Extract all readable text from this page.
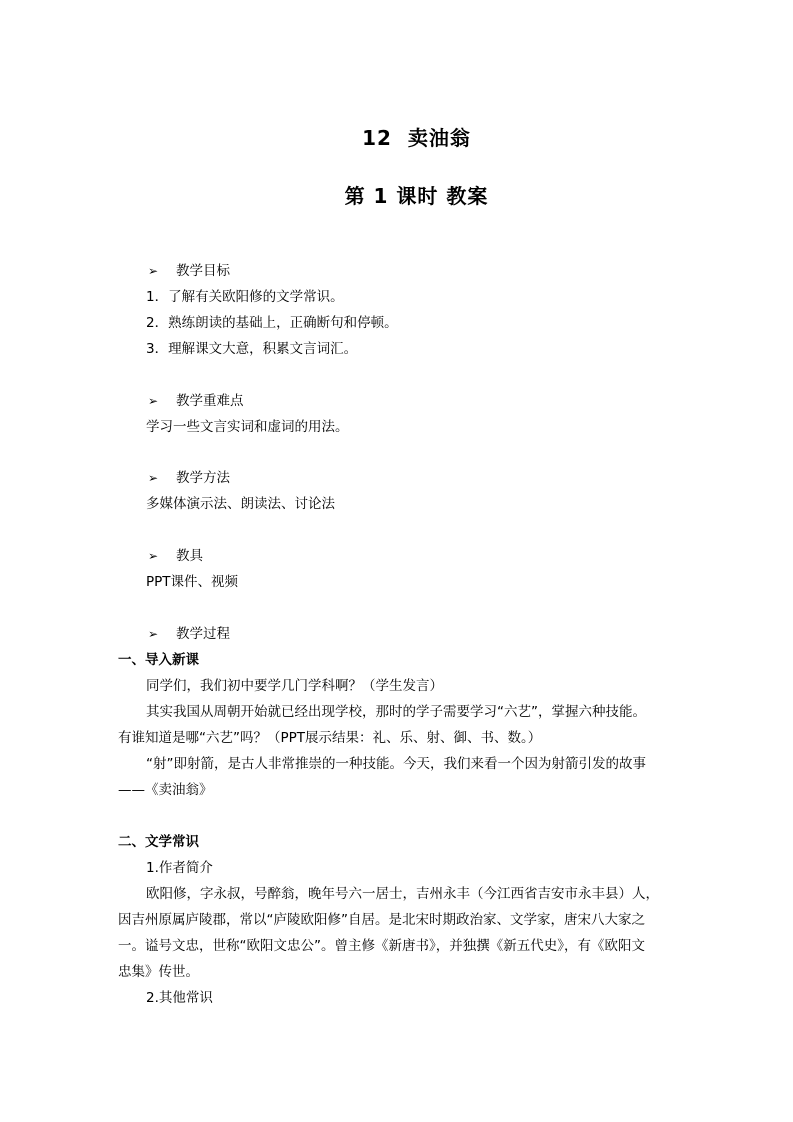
12 卖油翁
第 1 课时 教案
➢ 教学目标
1．了解有关欧阳修的文学常识。
2．熟练朗读的基础上，正确断句和停顿。
3．理解课文大意，积累文言词汇。
➢ 教学重难点
学习一些文言实词和虚词的用法。
➢ 教学方法
多媒体演示法、朗读法、讨论法
➢ 教具
PPT课件、视频
➢ 教学过程
一、导入新课
同学们，我们初中要学几门学科啊？（学生发言）
其实我国从周朝开始就已经出现学校，那时的学子需要学习“六艺”，掌握六种技能。
有谁知道是哪“六艺”吗？（PPT展示结果：礼、乐、射、御、书、数。）
“射”即射箭，是古人非常推崇的一种技能。今天，我们来看一个因为射箭引发的故事
——《卖油翁》
二、文学常识
1.作者简介
欧阳修，字永叔，号醉翁，晚年号六一居士，吉州永丰（今江西省吉安市永丰县）人，
因吉州原属庐陵郡，常以“庐陵欧阳修”自居。是北宋时期政治家、文学家，唐宋八大家之
一。谥号文忠，世称“欧阳文忠公”。曾主修《新唐书》，并独撰《新五代史》，有《欧阳文
忠集》传世。
2.其他常识
